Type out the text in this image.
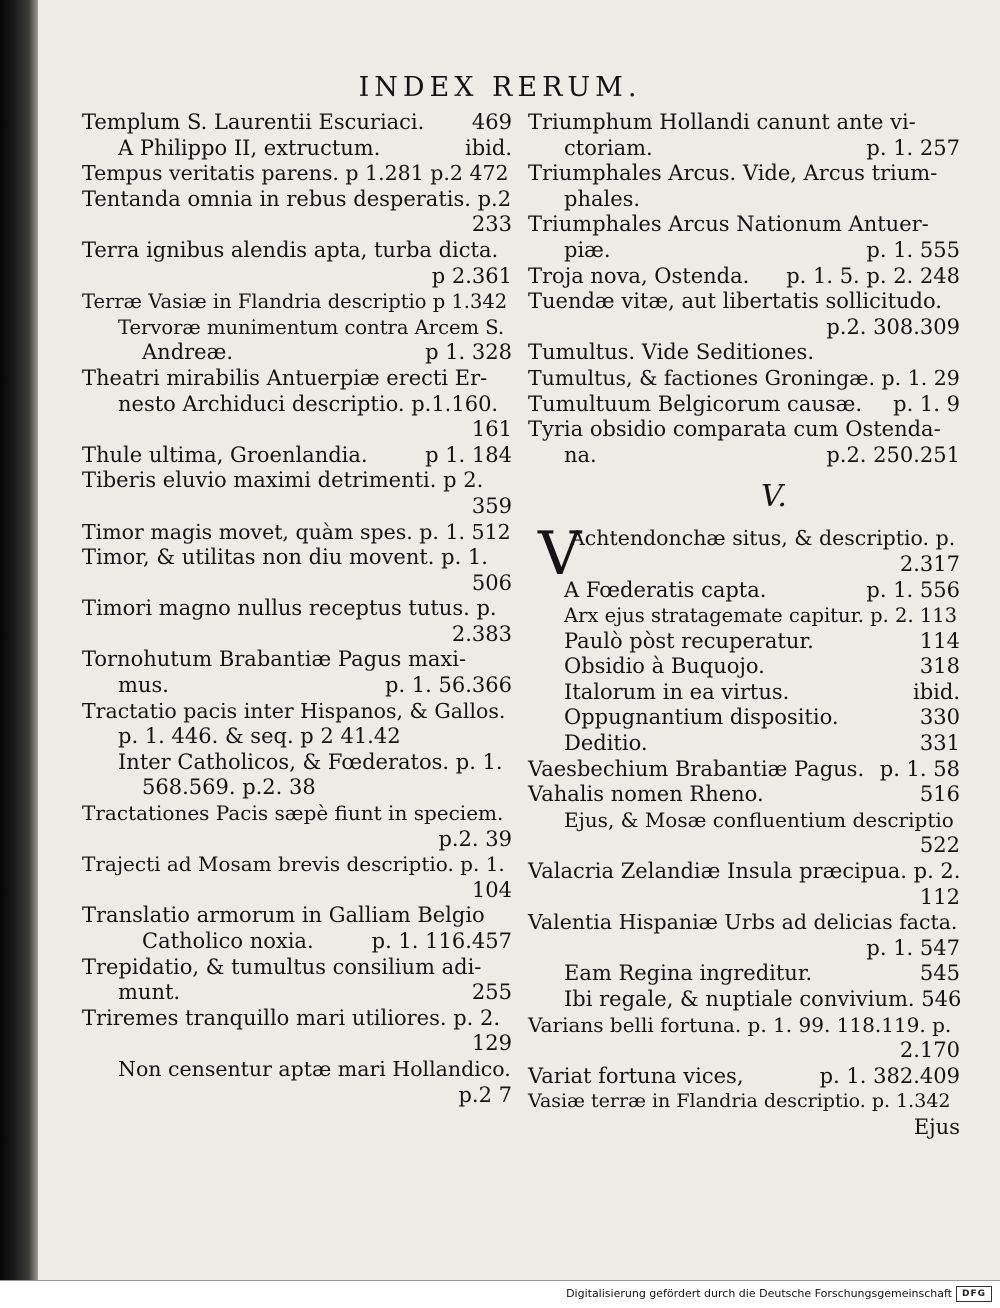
INDEX RERUM.
Templum S. Laurentii Escuriaci. 469
A Philippo II, extructum.	ibid.
Tempus veritatis parens. p 1.281 p.2 472
Tentanda omnia in rebus desperatis. p.2
233
Terra ignibus alendis apta, turba dicta.
p 2.361
Terræ Vasiæ in Flandria descriptio p 1.342
Tervoræ munimentum contra Arcem S.
Andreæ.	p 1. 328
Theatri mirabilis Antuerpiæ erecti Er-
nesto Archiduci descriptio. p.1.160.
161
Thule ultima, Groenlandia.	p 1. 184
Tiberis eluvio maximi detrimenti. p 2.
359
Timor magis movet, quàm spes. p. 1. 512
Timor, & utilitas non diu movent. p. 1.
506
Timori magno nullus receptus tutus. p.
2.383
Tornohutum Brabantiæ Pagus maxi-
mus.	p. 1. 56.366
Tractatio pacis inter Hispanos, & Gallos.
p. 1. 446. & seq. p 2 41.42
Inter Catholicos, & Fœderatos. p. 1.
568.569. p.2. 38
Tractationes Pacis sæpè fiunt in speciem.
p.2. 39
Trajecti ad Mosam brevis descriptio. p. 1.
104
Translatio armorum in Galliam Belgio
Catholico noxia.	p. 1. 116.457
Trepidatio, & tumultus consilium adi-
munt.	255
Triremes tranquillo mari utiliores. p. 2.
129
Non censentur aptæ mari Hollandico.
p.2 7
Triumphum Hollandi canunt ante vi-
ctoriam.	p. 1. 257
Triumphales Arcus. Vide, Arcus trium-
phales.
Triumphales Arcus Nationum Antuer-
piæ.	p. 1. 555
Troja nova, Ostenda. p. 1. 5. p. 2. 248
Tuendæ vitæ, aut libertatis sollicitudo.
p.2. 308.309
Tumultus. Vide Seditiones.
Tumultus, & factiones Groningæ. p. 1. 29
Tumultuum Belgicorum causæ. p. 1. 9
Tyria obsidio comparata cum Ostenda-
na.	p.2. 250.251
V.
V
Achtendonchæ situs, & descriptio. p.
2.317
A Fœderatis capta.	p. 1. 556
Arx ejus stratagemate capitur. p. 2. 113
Paulò pòst recuperatur.	114
Obsidio à Buquojo.	318
Italorum in ea virtus.	ibid.
Oppugnantium dispositio.	330
Deditio.	331
Vaesbechium Brabantiæ Pagus. p. 1. 58
Vahalis nomen Rheno.	516
Ejus, & Mosæ confluentium descriptio
522
Valacria Zelandiæ Insula præcipua. p. 2.
112
Valentia Hispaniæ Urbs ad delicias facta.
p. 1. 547
Eam Regina ingreditur.	545
Ibi regale, & nuptiale convivium. 546
Varians belli fortuna. p. 1. 99. 118.119. p.
2.170
Variat fortuna vices,	p. 1. 382.409
Vasiæ terræ in Flandria descriptio. p. 1.342
Ejus
Digitalisierung gefördert durch die Deutsche Forschungsgemeinschaft	DFG
